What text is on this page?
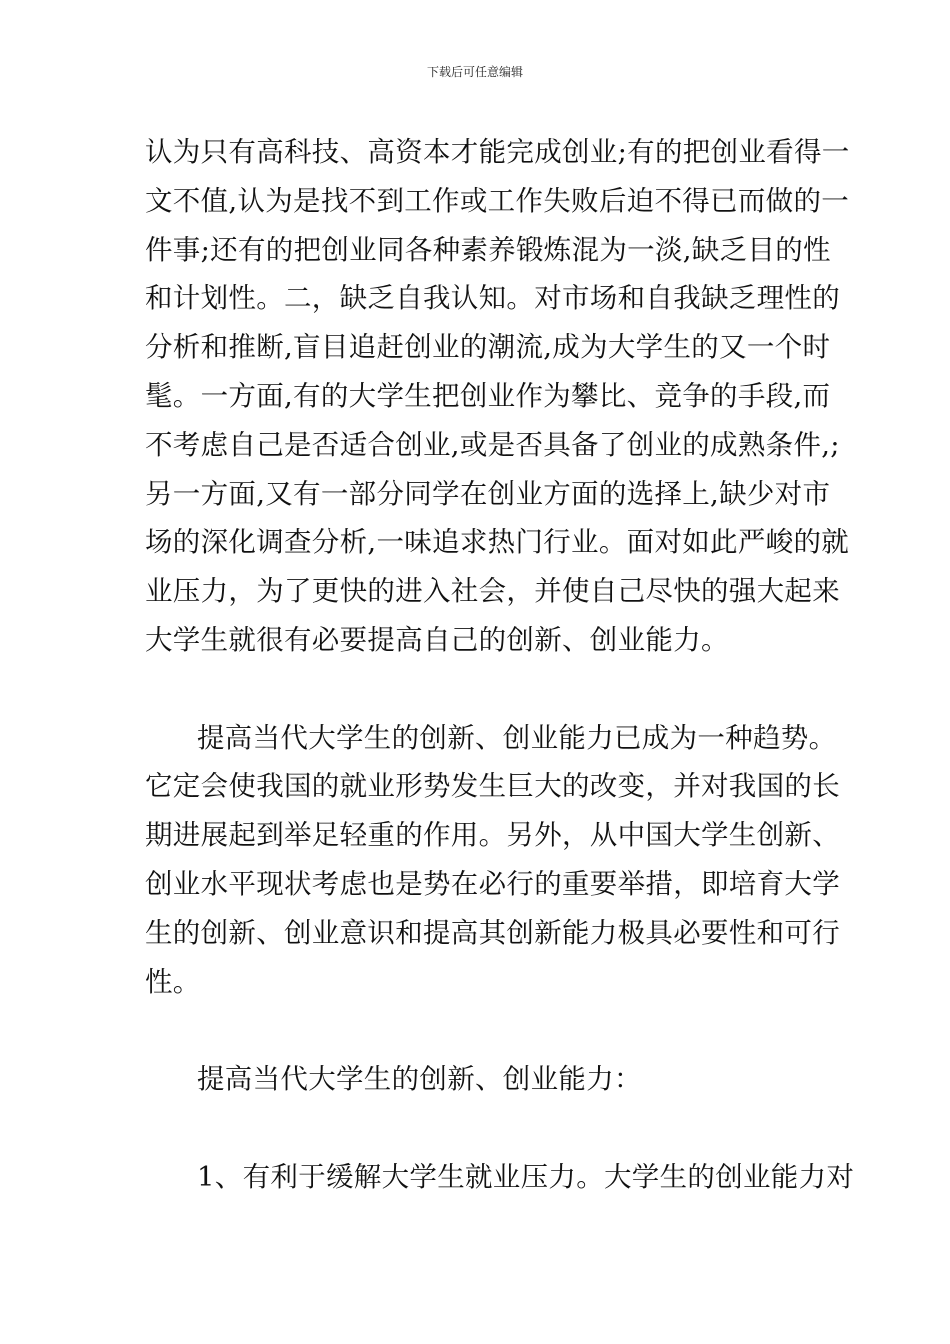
下载后可任意编辑
认为只有高科技、高资本才能完成创业;有的把创业看得一
文不值,认为是找不到工作或工作失败后迫不得已而做的一
件事;还有的把创业同各种素养锻炼混为一淡,缺乏目的性
和计划性。二，缺乏自我认知。对市场和自我缺乏理性的
分析和推断,盲目追赶创业的潮流,成为大学生的又一个时
髦。一方面,有的大学生把创业作为攀比、竞争的手段,而
不考虑自己是否适合创业,或是否具备了创业的成熟条件,;
另一方面,又有一部分同学在创业方面的选择上,缺少对市
场的深化调查分析,一味追求热门行业。面对如此严峻的就
业压力，为了更快的进入社会，并使自己尽快的强大起来
大学生就很有必要提高自己的创新、创业能力。
提高当代大学生的创新、创业能力已成为一种趋势。
它定会使我国的就业形势发生巨大的改变，并对我国的长
期进展起到举足轻重的作用。另外，从中国大学生创新、
创业水平现状考虑也是势在必行的重要举措，即培育大学
生的创新、创业意识和提高其创新能力极具必要性和可行
性。
提高当代大学生的创新、创业能力：
1、有利于缓解大学生就业压力。大学生的创业能力对
